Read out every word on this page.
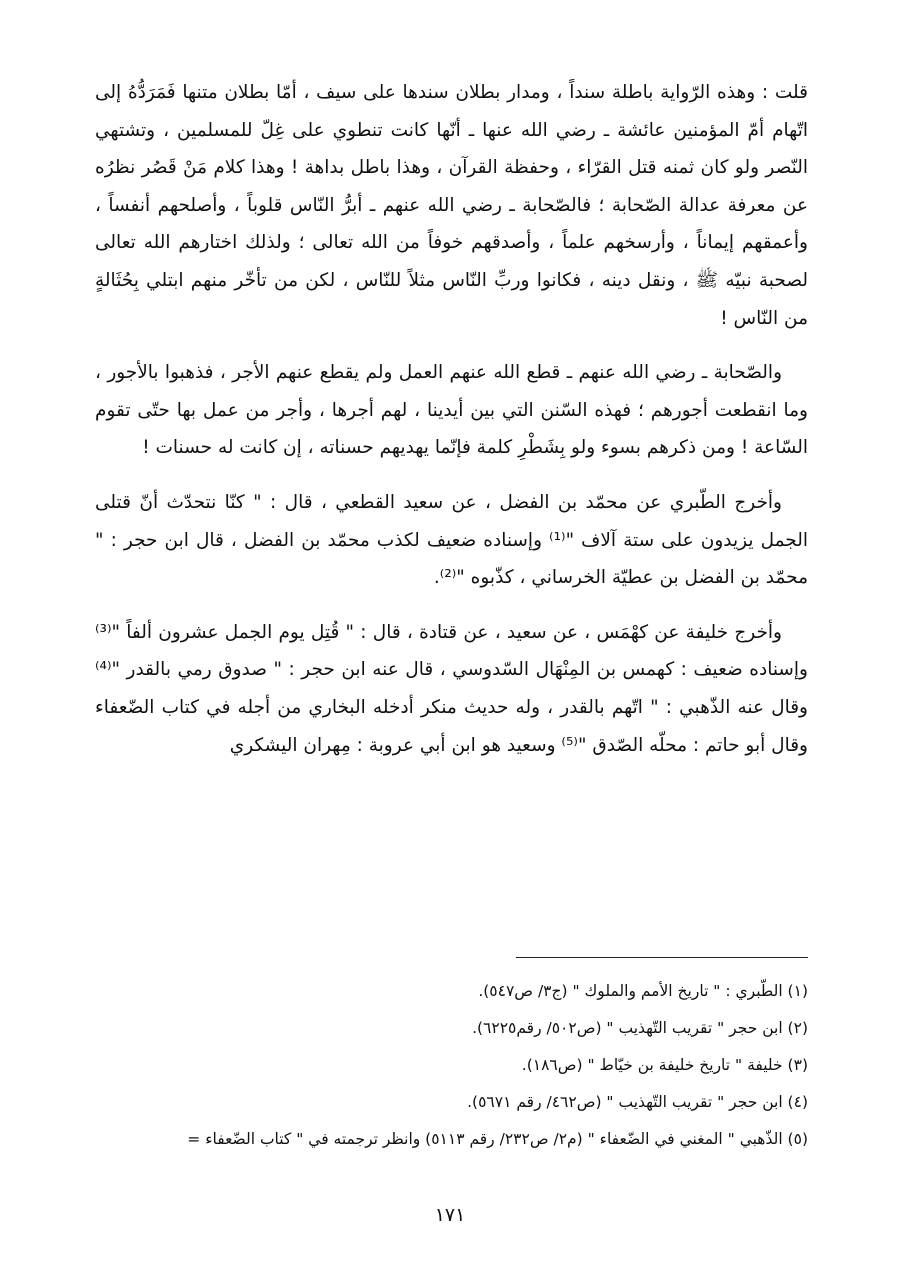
قلت : وهذه الرّواية باطلة سنداً ، ومدار بطلان سندها على سيف ، أمّا بطلان متنها فَمَرَدُّهُ إلى اتّهام أمّ المؤمنين عائشة ـ رضي الله عنها ـ أنّها كانت تنطوي على غِلّ للمسلمين ، وتشتهي النّصر ولو كان ثمنه قتل القرّاء ، وحفظة القرآن ، وهذا باطل بداهة ! وهذا كلام مَنْ قَصُر نظرُه عن معرفة عدالة الصّحابة ؛ فالصّحابة ـ رضي الله عنهم ـ أبرُّ النّاس قلوباً ، وأصلحهم أنفساً ، وأعمقهم إيماناً ، وأرسخهم علماً ، وأصدقهم خوفاً من الله تعالى ؛ ولذلك اختارهم الله تعالى لصحبة نبيّه ﷺ ، ونقل دينه ، فكانوا وربِّ النّاس مثلاً للنّاس ، لكن من تأخّر منهم ابتلي بِحُثَالةٍ من النّاس !

والصّحابة ـ رضي الله عنهم ـ قطع الله عنهم العمل ولم يقطع عنهم الأجر ، فذهبوا بالأجور ، وما انقطعت أجورهم ؛ فهذه السّنن التي بين أيدينا ، لهم أجرها ، وأجر من عمل بها حتّى تقوم السّاعة ! ومن ذكرهم بسوء ولو بِشَطْرِ كلمة فإنّما يهديهم حسناته ، إن كانت له حسنات !

وأخرج الطّبري عن محمّد بن الفضل ، عن سعيد القطعي ، قال : " كنّا نتحدّث أنّ قتلى الجمل يزيدون على ستة آلاف "⁽¹⁾ وإسناده ضعيف لكذب محمّد بن الفضل ، قال ابن حجر : " محمّد بن الفضل بن عطيّة الخرساني ، كذّبوه "⁽²⁾.

وأخرج خليفة عن كهْمَس ، عن سعيد ، عن قتادة ، قال : " قُتِل يوم الجمل عشرون ألفاً "⁽³⁾ وإسناده ضعيف : كهمس بن المِنْهَال السّدوسي ، قال عنه ابن حجر : " صدوق رمي بالقدر "⁽⁴⁾ وقال عنه الذّهبي : " اتّهم بالقدر ، وله حديث منكر أدخله البخاري من أجله في كتاب الضّعفاء وقال أبو حاتم : محلّه الصّدق "⁽⁵⁾ وسعيد هو ابن أبي عروبة : مِهران اليشكري

(١) الطّبري : " تاريخ الأمم والملوك " (ج٣/ ص٥٤٧).

(٢) ابن حجر " تقريب التّهذيب " (ص٥٠٢/ رقم٦٢٢٥).

(٣) خليفة " تاريخ خليفة بن خيّاط " (ص١٨٦).

(٤) ابن حجر " تقريب التّهذيب " (ص٤٦٢/ رقم ٥٦٧١).

(٥) الذّهبي " المغني في الضّعفاء " (م٢/ ص٢٣٢/ رقم ٥١١٣) وانظر ترجمته في " كتاب الضّعفاء =

١٧١
